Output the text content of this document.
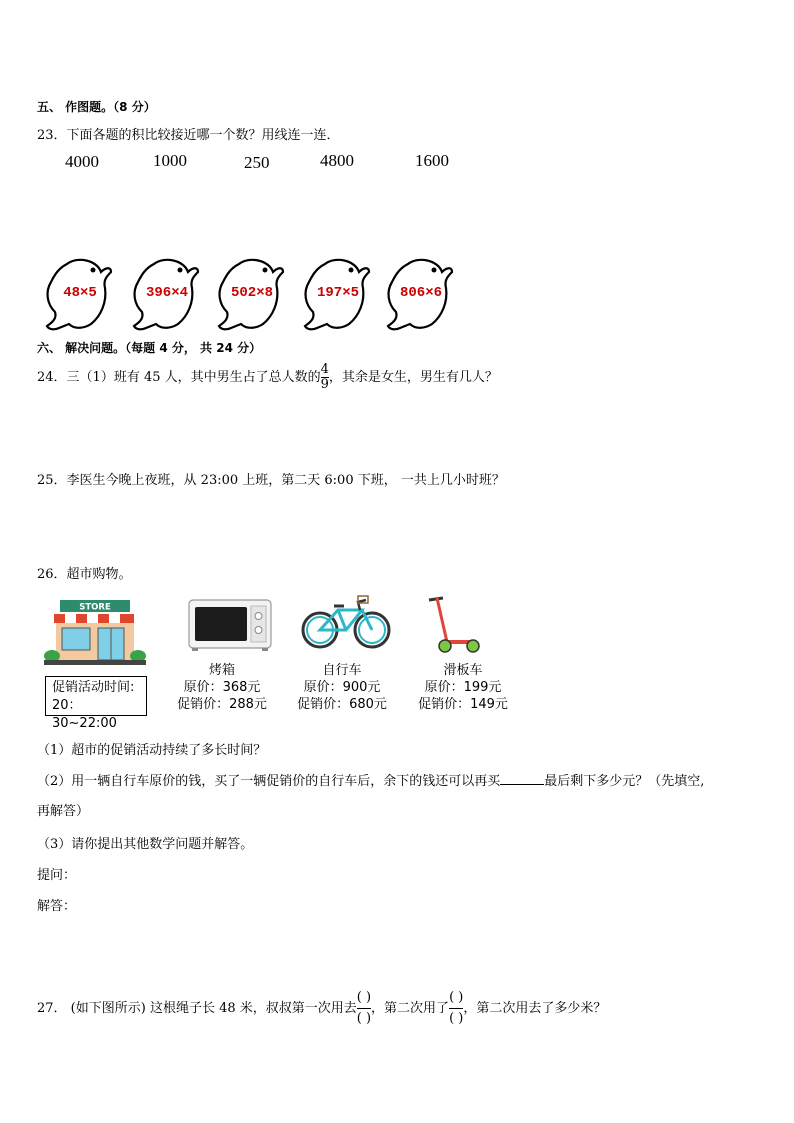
五、 作图题。（8 分）
23．下面各题的积比较接近哪一个数？用线连一连．
4000	1000	250	4800	1600
48×5	396×4	502×8	197×5	806×6
六、 解决问题。（每题 4 分， 共 24 分）
24．三（1）班有 45 人，其中男生占了总人数的$\frac{4}{9}$ ，其余是女生，男生有几人？
25．李医生今晚上夜班，从 23:00 上班，第二天 6:00 下班， 一共上几小时班？
26．超市购物。
STORE
促销活动时间:
20：30~22:00
烤箱
原价：368元
促销价：288元
自行车
原价：900元
促销价：680元
滑板车
原价：199元
促销价：149元
（1）超市的促销活动持续了多长时间？
（2）用一辆自行车原价的钱，买了一辆促销价的自行车后，余下的钱还可以再买	最后剩下多少元？（先填空,
再解答）
（3）请你提出其他数学问题并解答。
提问：
解答：
27． (如下图所示) 这根绳子长 48 米，叔叔第一次用去$\frac{( )}{( )}$ ，第二次用了$\frac{( )}{( )}$ ，第二次用去了多少米？
